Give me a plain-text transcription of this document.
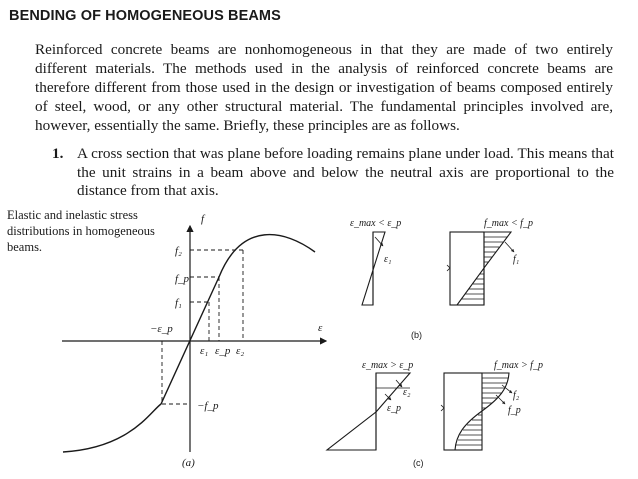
BENDING OF HOMOGENEOUS BEAMS
Reinforced concrete beams are nonhomogeneous in that they are made of two entirely different materials. The methods used in the analysis of reinforced concrete beams are therefore different from those used in the design or investigation of beams composed entirely of steel, wood, or any other structural material. The fundamental principles involved are, however, essentially the same. Briefly, these principles are as follows.
1. A cross section that was plane before loading remains plane under load. This means that the unit strains in a beam above and below the neutral axis are proportional to the distance from that axis.
Elastic and inelastic stress distributions in homogeneous beams.
f
ε
f₂
f_p
f₁
−f_p
−ε_p
ε₁ ε_p ε₂
(a)
ε_max < ε_p
ε₁
f_max < f_p
f₁
(b)
ε_max > ε_p
ε₂
ε_p
f_max > f_p
f₂
f_p
(c)
